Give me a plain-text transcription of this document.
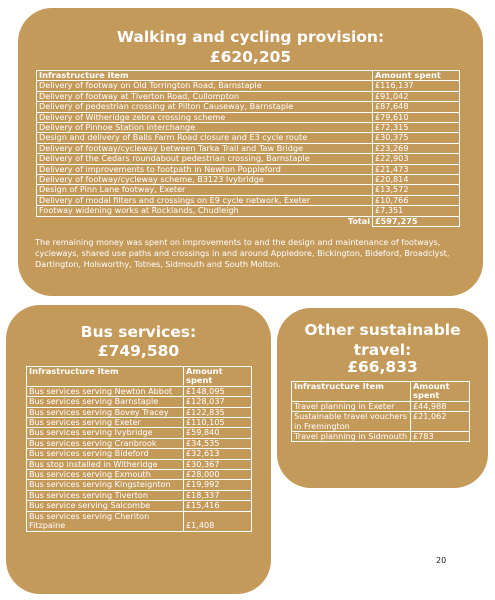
Walking and cycling provision:
£620,205
Infrastructure item	Amount spent
Delivery of footway on Old Torrington Road, Barnstaple	£116,137
Delivery of footway at Tiverton Road, Cullompton	£91,042
Delivery of pedestrian crossing at Pilton Causeway, Barnstaple	£87,648
Delivery of Witheridge zebra crossing scheme	£79,610
Delivery of Pinhoe Station interchange	£72,315
Design and delivery of Balls Farm Road closure and E3 cycle route	£30,375
Delivery of footway/cycleway between Tarka Trail and Taw Bridge	£23,269
Delivery of the Cedars roundabout pedestrian crossing, Barnstaple	£22,903
Delivery of improvements to footpath in Newton Poppleford	£21,473
Delivery of footway/cycleway scheme, B3123 Ivybridge	£20,814
Design of Pinn Lane footway, Exeter	£13,572
Delivery of modal filters and crossings on E9 cycle network, Exeter	£10,766
Footway widening works at Rocklands, Chudleigh	£7,351
Total	£597,275
The remaining money was spent on improvements to and the design and maintenance of footways, cycleways, shared use paths and crossings in and around Appledore, Bickington, Bideford, Broadclyst, Dartington, Holsworthy, Totnes, Sidmouth and South Molton.
Bus services:
£749,580
Infrastructure item	Amount spent
Bus services serving Newton Abbot	£148,095
Bus services serving Barnstaple	£128,037
Bus services serving Bovey Tracey	£122,835
Bus services serving Exeter	£110,105
Bus services serving Ivybridge	£59,840
Bus services serving Cranbrook	£34,535
Bus services serving Bideford	£32,613
Bus stop installed in Witheridge	£30,367
Bus services serving Exmouth	£28,000
Bus services serving Kingsteignton	£19,992
Bus services serving Tiverton	£18,337
Bus service serving Salcombe	£15,416
Bus services serving Cheriton Fitzpaine	£1,408
Other sustainable travel:
£66,833
Infrastructure Item	Amount spent
Travel planning in Exeter	£44,988
Sustainable travel vouchers in Fremington	£21,062
Travel planning in Sidmouth	£783
20
